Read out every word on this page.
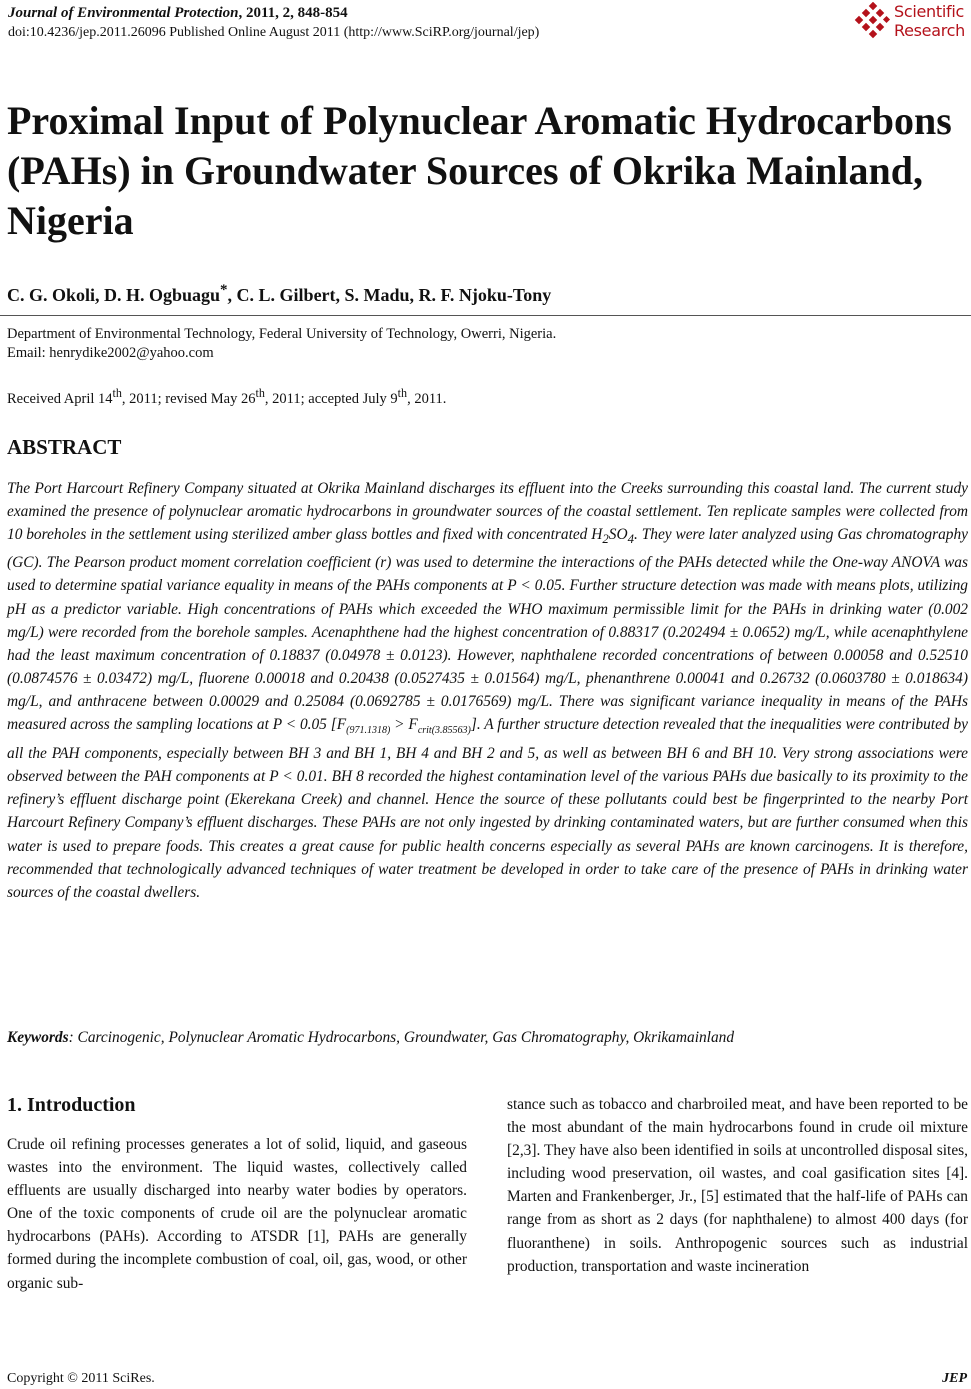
Journal of Environmental Protection, 2011, 2, 848-854
doi:10.4236/jep.2011.26096 Published Online August 2011 (http://www.SciRP.org/journal/jep)
Scientific
Research
Proximal Input of Polynuclear Aromatic Hydrocarbons (PAHs) in Groundwater Sources of Okrika Mainland, Nigeria
C. G. Okoli, D. H. Ogbuagu*, C. L. Gilbert, S. Madu, R. F. Njoku-Tony
Department of Environmental Technology, Federal University of Technology, Owerri, Nigeria.
Email: henrydike2002@yahoo.com
Received April 14th, 2011; revised May 26th, 2011; accepted July 9th, 2011.
ABSTRACT
The Port Harcourt Refinery Company situated at Okrika Mainland discharges its effluent into the Creeks surrounding this coastal land. The current study examined the presence of polynuclear aromatic hydrocarbons in groundwater sources of the coastal settlement. Ten replicate samples were collected from 10 boreholes in the settlement using sterilized amber glass bottles and fixed with concentrated $H_2SO_4$. They were later analyzed using Gas chromatography (GC). The Pearson product moment correlation coefficient (r) was used to determine the interactions of the PAHs detected while the One-way ANOVA was used to determine spatial variance equality in means of the PAHs components at P < 0.05. Further structure detection was made with means plots, utilizing pH as a predictor variable. High concentrations of PAHs which exceeded the WHO maximum permissible limit for the PAHs in drinking water (0.002 mg/L) were recorded from the borehole samples. Acenaphthene had the highest concentration of 0.88317 (0.202494 ± 0.0652) mg/L, while acenaphthylene had the least maximum concentration of 0.18837 (0.04978 ± 0.0123). However, naphthalene recorded concentrations of between 0.00058 and 0.52510 (0.0874576 ± 0.03472) mg/L, fluorene 0.00018 and 0.20438 (0.0527435 ± 0.01564) mg/L, phenanthrene 0.00041 and 0.26732 (0.0603780 ± 0.018634) mg/L, and anthracene between 0.00029 and 0.25084 (0.0692785 ± 0.0176569) mg/L. There was significant variance inequality in means of the PAHs measured across the sampling locations at P < 0.05 $[F_{(971.1318)} > F_{crit(3.85563)}]$. A further structure detection revealed that the inequalities were contributed by all the PAH components, especially between BH 3 and BH 1, BH 4 and BH 2 and 5, as well as between BH 6 and BH 10. Very strong associations were observed between the PAH components at P < 0.01. BH 8 recorded the highest contamination level of the various PAHs due basically to its proximity to the refinery’s effluent discharge point (Ekerekana Creek) and channel. Hence the source of these pollutants could best be fingerprinted to the nearby Port Harcourt Refinery Company’s effluent discharges. These PAHs are not only ingested by drinking contaminated waters, but are further consumed when this water is used to prepare foods. This creates a great cause for public health concerns especially as several PAHs are known carcinogens. It is therefore, recommended that technologically advanced techniques of water treatment be developed in order to take care of the presence of PAHs in drinking water sources of the coastal dwellers.
Keywords: Carcinogenic, Polynuclear Aromatic Hydrocarbons, Groundwater, Gas Chromatography, Okrikamainland
1. Introduction
Crude oil refining processes generates a lot of solid, liquid, and gaseous wastes into the environment. The liquid wastes, collectively called effluents are usually discharged into nearby water bodies by operators. One of the toxic components of crude oil are the polynuclear aromatic hydrocarbons (PAHs). According to ATSDR [1], PAHs are generally formed during the incomplete combustion of coal, oil, gas, wood, or other organic sub-
stance such as tobacco and charbroiled meat, and have been reported to be the most abundant of the main hydrocarbons found in crude oil mixture [2,3]. They have also been identified in soils at uncontrolled disposal sites, including wood preservation, oil wastes, and coal gasification sites [4]. Marten and Frankenberger, Jr., [5] estimated that the half-life of PAHs can range from as short as 2 days (for naphthalene) to almost 400 days (for fluoranthene) in soils. Anthropogenic sources such as industrial production, transportation and waste incineration
Copyright © 2011 SciRes.	JEP
